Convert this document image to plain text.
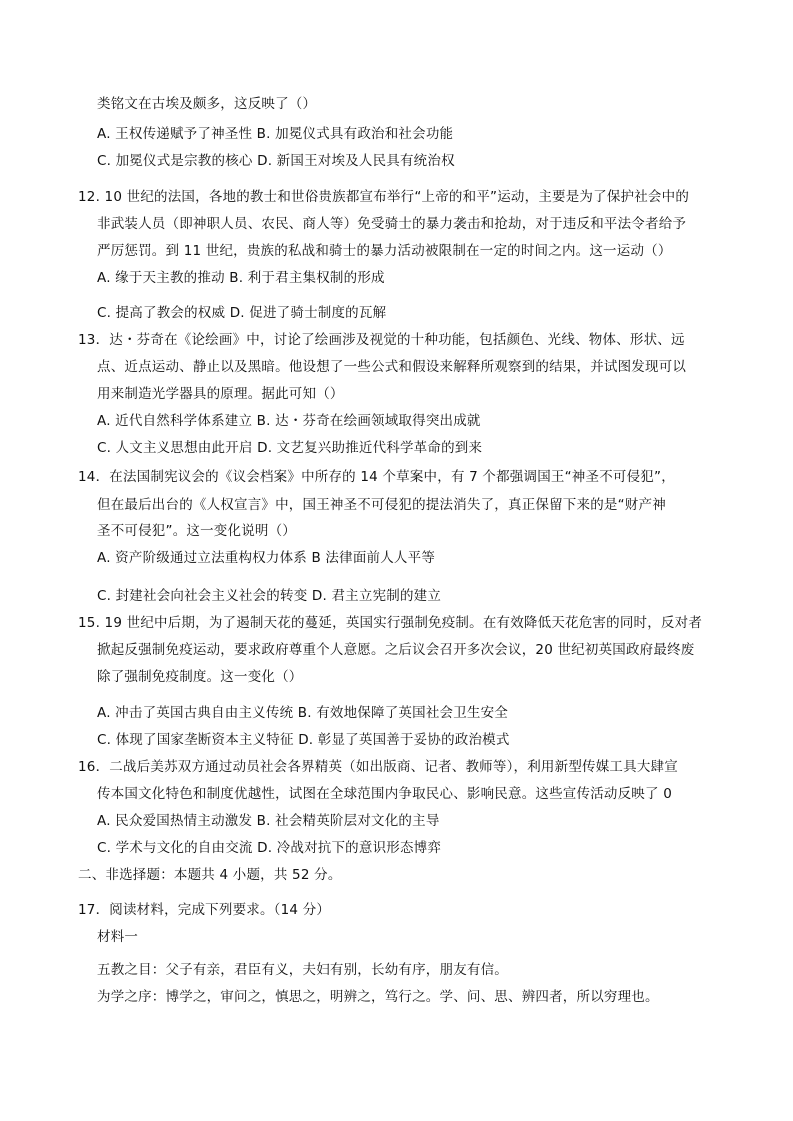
类铭文在古埃及颇多，这反映了（）
A. 王权传递赋予了神圣性 B. 加冕仪式具有政治和社会功能
C. 加冕仪式是宗教的核心 D. 新国王对埃及人民具有统治权
12. 10 世纪的法国，各地的教士和世俗贵族都宣布举行“上帝的和平”运动，主要是为了保护社会中的
非武装人员（即神职人员、农民、商人等）免受骑士的暴力袭击和抢劫，对于违反和平法令者给予
严厉惩罚。到 11 世纪，贵族的私战和骑士的暴力活动被限制在一定的时间之内。这一运动（）
A. 缘于天主教的推动 B. 利于君主集权制的形成
C. 提高了教会的权威 D. 促进了骑士制度的瓦解
13．达・芬奇在《论绘画》中，讨论了绘画涉及视觉的十种功能，包括颜色、光线、物体、形状、远
点、近点运动、静止以及黑暗。他设想了一些公式和假设来解释所观察到的结果，并试图发现可以
用来制造光学器具的原理。据此可知（）
A. 近代自然科学体系建立 B. 达・芬奇在绘画领域取得突出成就
C. 人文主义思想由此开启 D. 文艺复兴助推近代科学革命的到来
14．在法国制宪议会的《议会档案》中所存的 14 个草案中，有 7 个都强调国王“神圣不可侵犯”，
但在最后出台的《人权宣言》中，国王神圣不可侵犯的提法消失了，真正保留下来的是“财产神
圣不可侵犯”。这一变化说明（）
A. 资产阶级通过立法重构权力体系 B 法律面前人人平等
C. 封建社会向社会主义社会的转变 D. 君主立宪制的建立
15. 19 世纪中后期，为了遏制天花的蔓延，英国实行强制免疫制。在有效降低天花危害的同时，反对者
掀起反强制免疫运动，要求政府尊重个人意愿。之后议会召开多次会议，20 世纪初英国政府最终废
除了强制免疫制度。这一变化（）
A. 冲击了英国古典自由主义传统 B. 有效地保障了英国社会卫生安全
C. 体现了国家垄断资本主义特征 D. 彰显了英国善于妥协的政治模式
16．二战后美苏双方通过动员社会各界精英（如出版商、记者、教师等），利用新型传媒工具大肆宣
传本国文化特色和制度优越性，试图在全球范围内争取民心、影响民意。这些宣传活动反映了 0
A. 民众爱国热情主动激发 B. 社会精英阶层对文化的主导
C. 学术与文化的自由交流 D. 冷战对抗下的意识形态博弈
二、非选择题：本题共 4 小题，共 52 分。
17．阅读材料，完成下列要求。（14 分）
材料一
五教之目：父子有亲，君臣有义，夫妇有别，长幼有序，朋友有信。
为学之序：博学之，审问之，慎思之，明辨之，笃行之。学、问、思、辨四者，所以穷理也。
